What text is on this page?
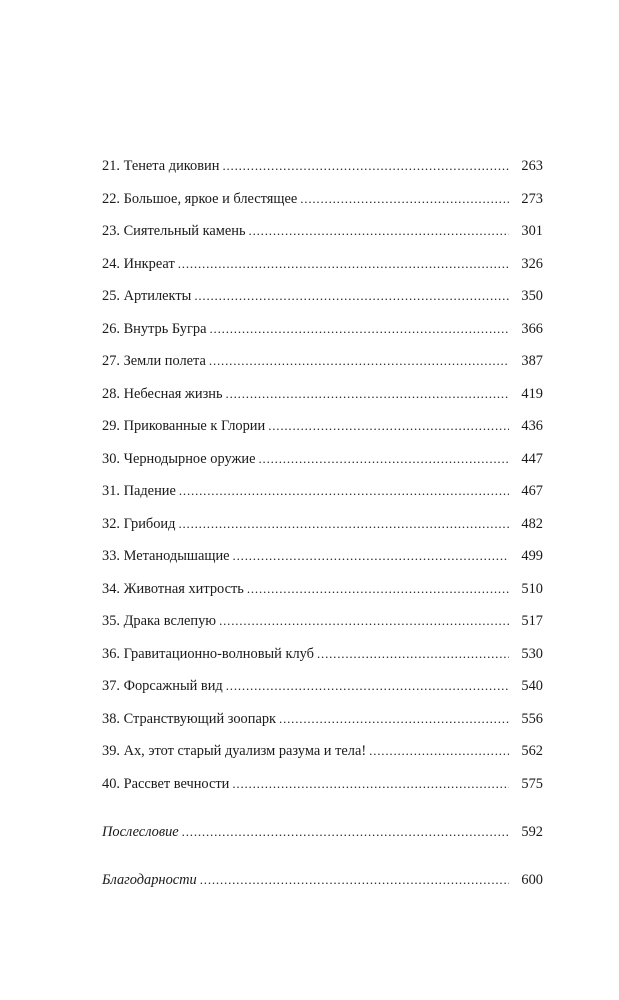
21. Тенета диковин .....	263
22. Большое, яркое и блестящее .....	273
23. Сиятельный камень .....	301
24. Инкреат .....	326
25. Артилекты .....	350
26. Внутрь Бугра .....	366
27. Земли полета .....	387
28. Небесная жизнь .....	419
29. Прикованные к Глории .....	436
30. Чернодырное оружие .....	447
31. Падение .....	467
32. Грибоид .....	482
33. Метанодышащие .....	499
34. Животная хитрость .....	510
35. Драка вслепую .....	517
36. Гравитационно-волновый клуб .....	530
37. Форсажный вид .....	540
38. Странствующий зоопарк .....	556
39. Ах, этот старый дуализм разума и тела! .....	562
40. Рассвет вечности .....	575
Послесловие .....	592
Благодарности .....	600
